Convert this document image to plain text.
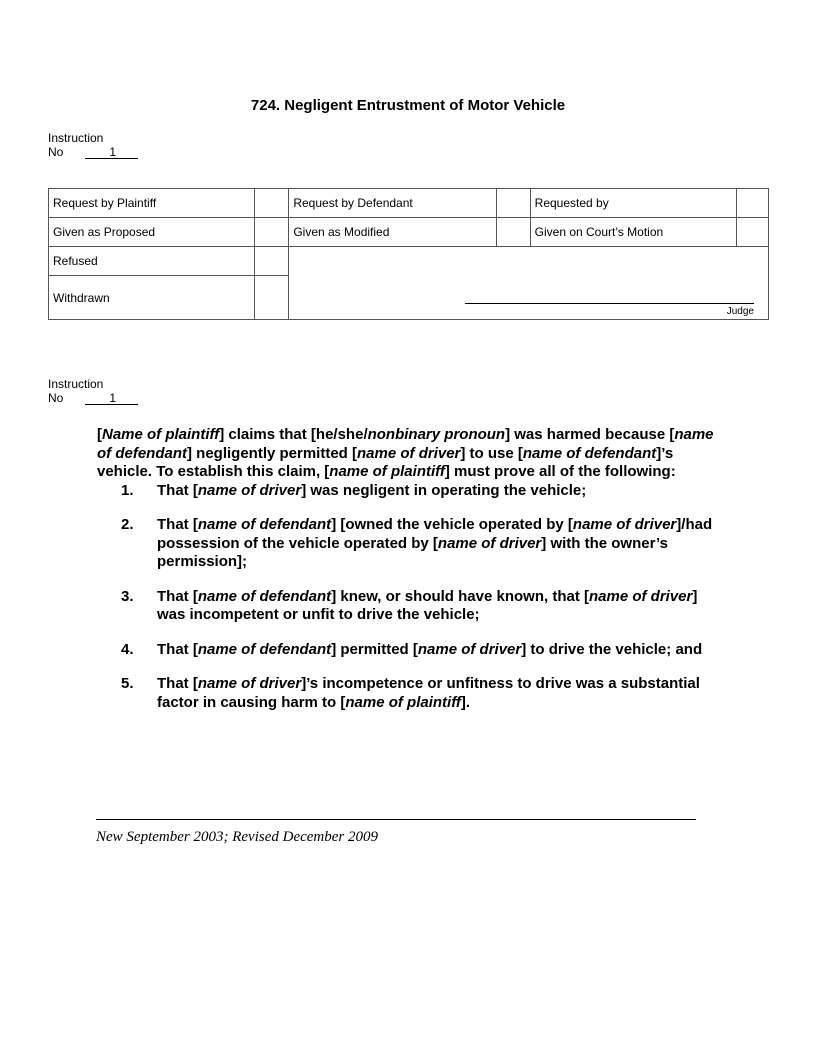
724. Negligent Entrustment of Motor Vehicle
Instruction
No	1
Request by Plaintiff		Request by Defendant		Requested by	
Given as Proposed		Given as Modified		Given on Court’s Motion	
Refused		Judge			

Withdrawn					
Instruction
No	1

[Name of plaintiff] claims that [he/she/nonbinary pronoun] was harmed because [name of defendant] negligently permitted [name of driver] to use [name of defendant]’s vehicle. To establish this claim, [name of plaintiff] must prove all of the following:

1. That [name of driver] was negligent in operating the vehicle;
2. That [name of defendant] [owned the vehicle operated by [name of driver]/had possession of the vehicle operated by [name of driver] with the owner’s permission];
3. That [name of defendant] knew, or should have known, that [name of driver] was incompetent or unfit to drive the vehicle;
4. That [name of defendant] permitted [name of driver] to drive the vehicle; and
5. That [name of driver]’s incompetence or unfitness to drive was a substantial factor in causing harm to [name of plaintiff].
New September 2003; Revised December 2009
